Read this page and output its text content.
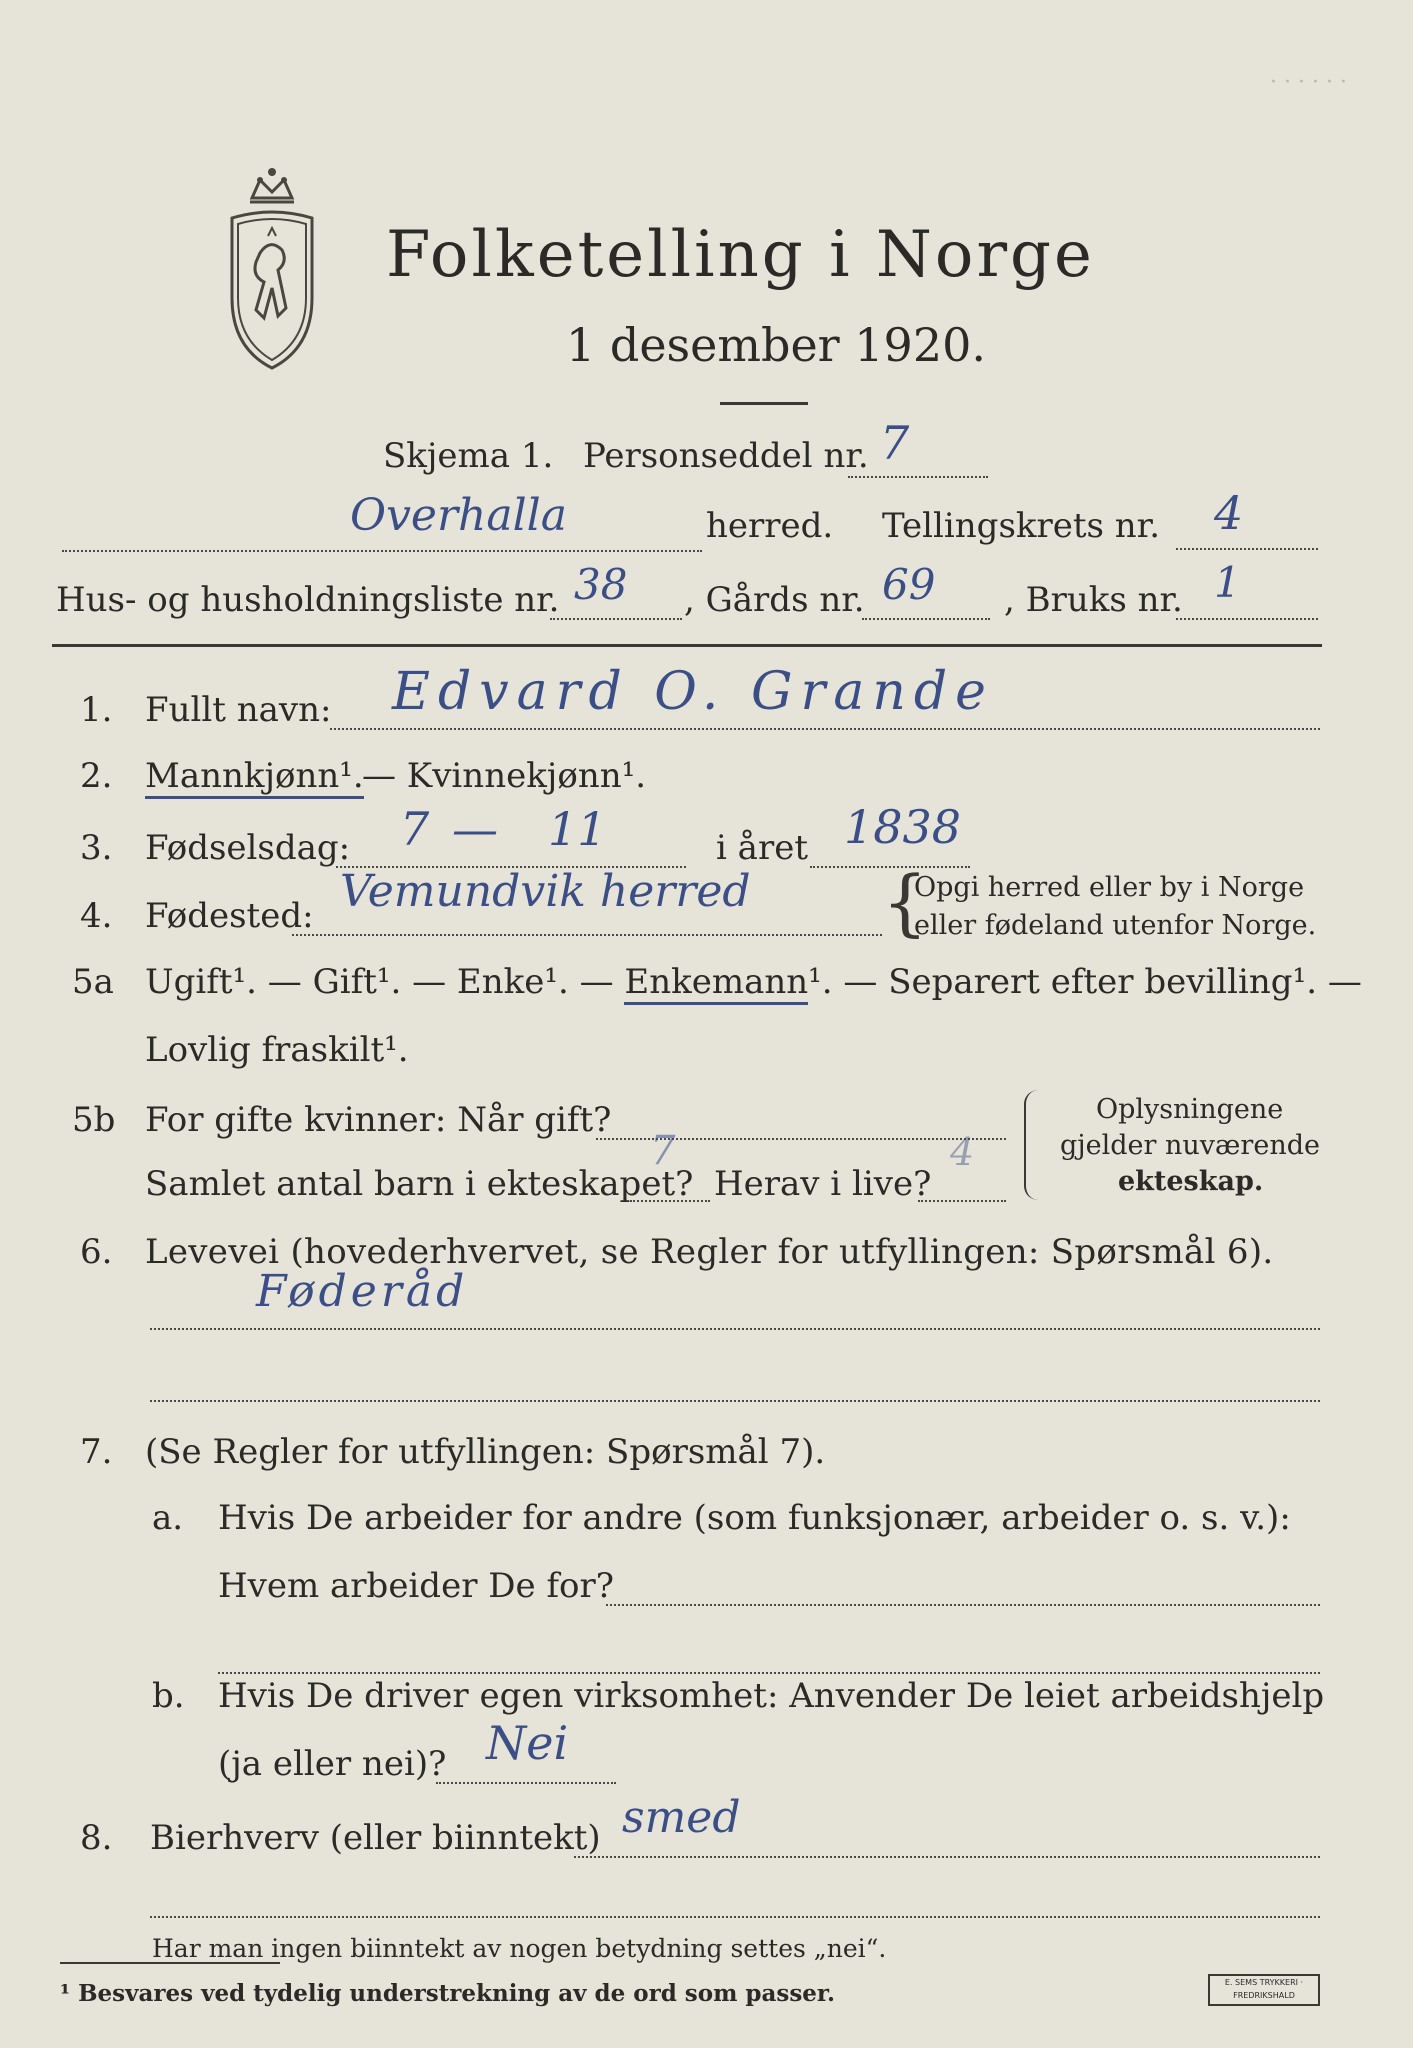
· · · · · ·
Folketelling i Norge
1 desember 1920.
Skjema 1. Personseddel nr. 7
Overhalla	herred. Tellingskrets nr. 4
Hus- og husholdningsliste nr. 38 , Gårds nr. 69 , Bruks nr. 1
1. Fullt navn: Edvard O. Grande
2. Mannkjønn¹.
— Kvinnekjønn¹.
3. Fødselsdag: 7 — 11	i året 1838
4. Fødested: Vemundvik herred {
Opgi herred eller by i Norge
eller fødeland utenfor Norge.
5a Ugift¹. — Gift¹. — Enke¹. — Enkemann¹. — Separert efter bevilling¹. —
Lovlig fraskilt¹.
5b For gifte kvinner: Når gift?
Samlet antal barn i ekteskapet?
7
Herav i live?
4
Oplysningene
gjelder nuværende
ekteskap.
6. Levevei (hovederhvervet, se Regler for utfyllingen: Spørsmål 6).
Føderåd
7. (Se Regler for utfyllingen: Spørsmål 7).
a. Hvis De arbeider for andre (som funksjonær, arbeider o. s. v.):
Hvem arbeider De for?
b. Hvis De driver egen virksomhet: Anvender De leiet arbeidshjelp
(ja eller nei)? Nei
8. Bierhverv (eller biinntekt) smed
Har man ingen biinntekt av nogen betydning settes „nei“.
¹ Besvares ved tydelig understrekning av de ord som passer.	E. SEMS TRYKKERI · FREDRIKSHALD
